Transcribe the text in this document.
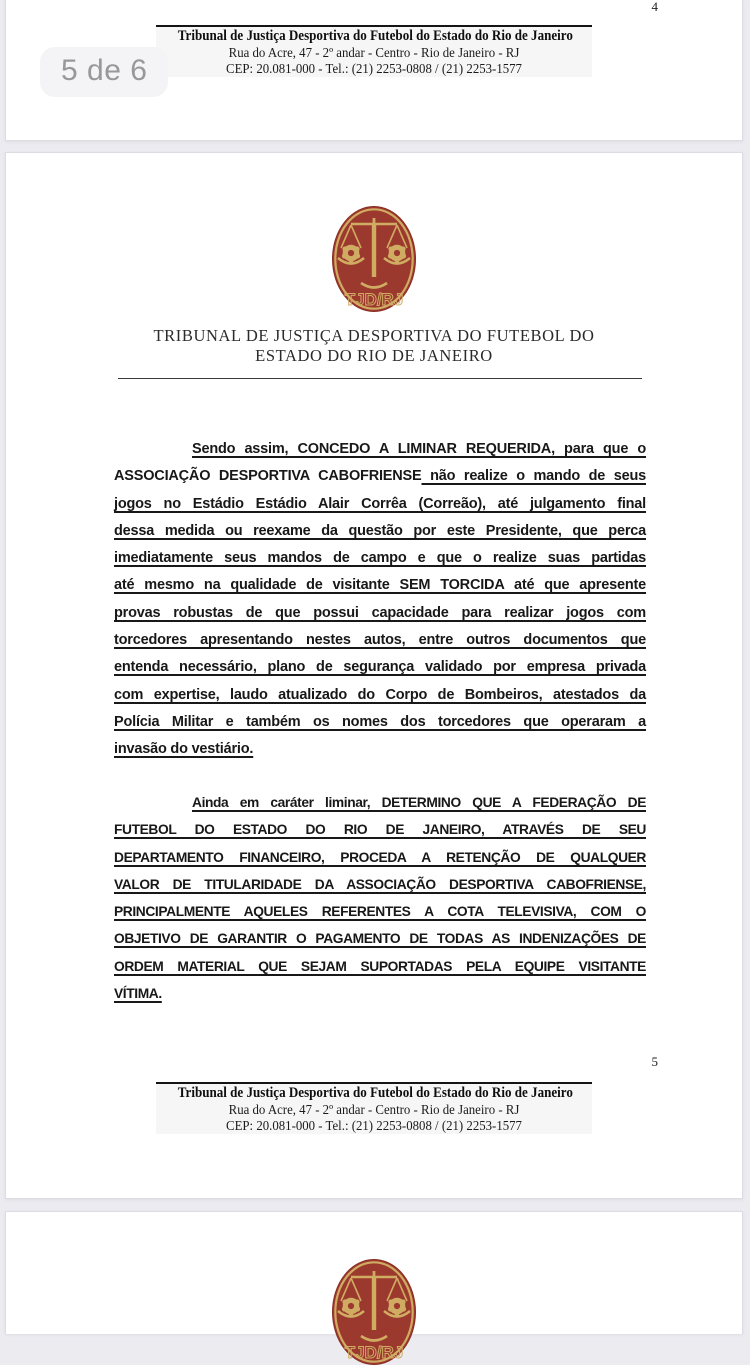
4
Tribunal de Justiça Desportiva do Futebol do Estado do Rio de Janeiro
Rua do Acre, 47 - 2º andar - Centro - Rio de Janeiro - RJ
CEP: 20.081-000 - Tel.: (21) 2253-0808 / (21) 2253-1577
5 de 6
TJD/RJ
TRIBUNAL DE JUSTIÇA DESPORTIVA DO FUTEBOL DO
ESTADO DO RIO DE JANEIRO
Sendo assim, CONCEDO A LIMINAR REQUERIDA, para que o
ASSOCIAÇÃO DESPORTIVA CABOFRIENSE não realize o mando de seus
jogos no Estádio Estádio Alair Corrêa (Correão), até julgamento final
dessa medida ou reexame da questão por este Presidente, que perca
imediatamente seus mandos de campo e que o realize suas partidas
até mesmo na qualidade de visitante SEM TORCIDA até que apresente
provas robustas de que possui capacidade para realizar jogos com
torcedores apresentando nestes autos, entre outros documentos que
entenda necessário, plano de segurança validado por empresa privada
com expertise, laudo atualizado do Corpo de Bombeiros, atestados da
Polícia Militar e também os nomes dos torcedores que operaram a
invasão do vestiário.
Ainda em caráter liminar, DETERMINO QUE A FEDERAÇÃO DE
FUTEBOL DO ESTADO DO RIO DE JANEIRO, ATRAVÉS DE SEU
DEPARTAMENTO FINANCEIRO, PROCEDA A RETENÇÃO DE QUALQUER
VALOR DE TITULARIDADE DA ASSOCIAÇÃO DESPORTIVA CABOFRIENSE,
PRINCIPALMENTE AQUELES REFERENTES A COTA TELEVISIVA, COM O
OBJETIVO DE GARANTIR O PAGAMENTO DE TODAS AS INDENIZAÇÕES DE
ORDEM MATERIAL QUE SEJAM SUPORTADAS PELA EQUIPE VISITANTE
VÍTIMA.
5
Tribunal de Justiça Desportiva do Futebol do Estado do Rio de Janeiro
Rua do Acre, 47 - 2º andar - Centro - Rio de Janeiro - RJ
CEP: 20.081-000 - Tel.: (21) 2253-0808 / (21) 2253-1577
TJD/RJ
